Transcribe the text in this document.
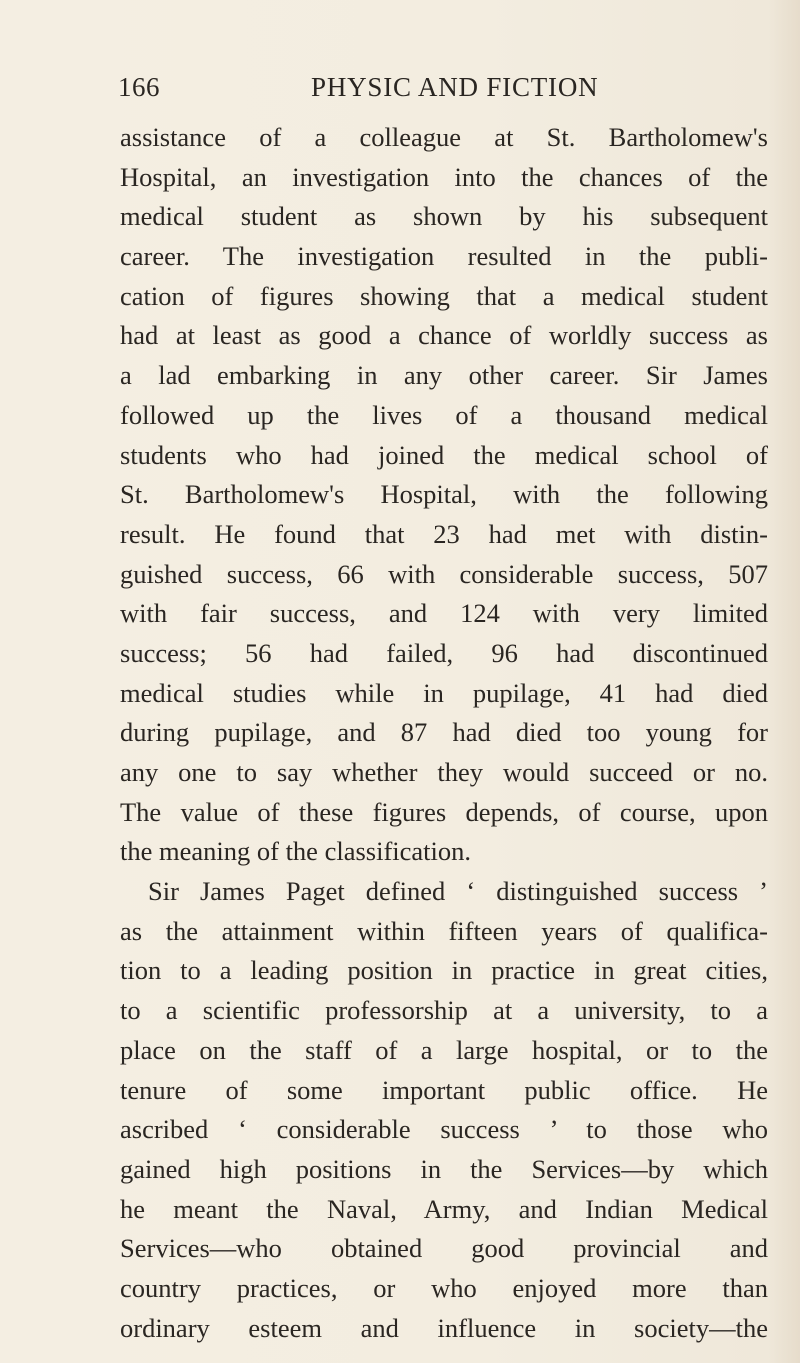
166	PHYSIC AND FICTION
assistance of a colleague at St. Bartholomew's
Hospital, an investigation into the chances of the
medical student as shown by his subsequent
career. The investigation resulted in the publi-
cation of figures showing that a medical student
had at least as good a chance of worldly success as
a lad embarking in any other career. Sir James
followed up the lives of a thousand medical
students who had joined the medical school of
St. Bartholomew's Hospital, with the following
result. He found that 23 had met with distin-
guished success, 66 with considerable success, 507
with fair success, and 124 with very limited
success; 56 had failed, 96 had discontinued
medical studies while in pupilage, 41 had died
during pupilage, and 87 had died too young for
any one to say whether they would succeed or no.
The value of these figures depends, of course, upon
the meaning of the classification.
Sir James Paget defined ‘ distinguished success ’
as the attainment within fifteen years of qualifica-
tion to a leading position in practice in great cities,
to a scientific professorship at a university, to a
place on the staff of a large hospital, or to the
tenure of some important public office. He
ascribed ‘ considerable success ’ to those who
gained high positions in the Services—by which
he meant the Naval, Army, and Indian Medical
Services—who obtained good provincial and
country practices, or who enjoyed more than
ordinary esteem and influence in society—the
